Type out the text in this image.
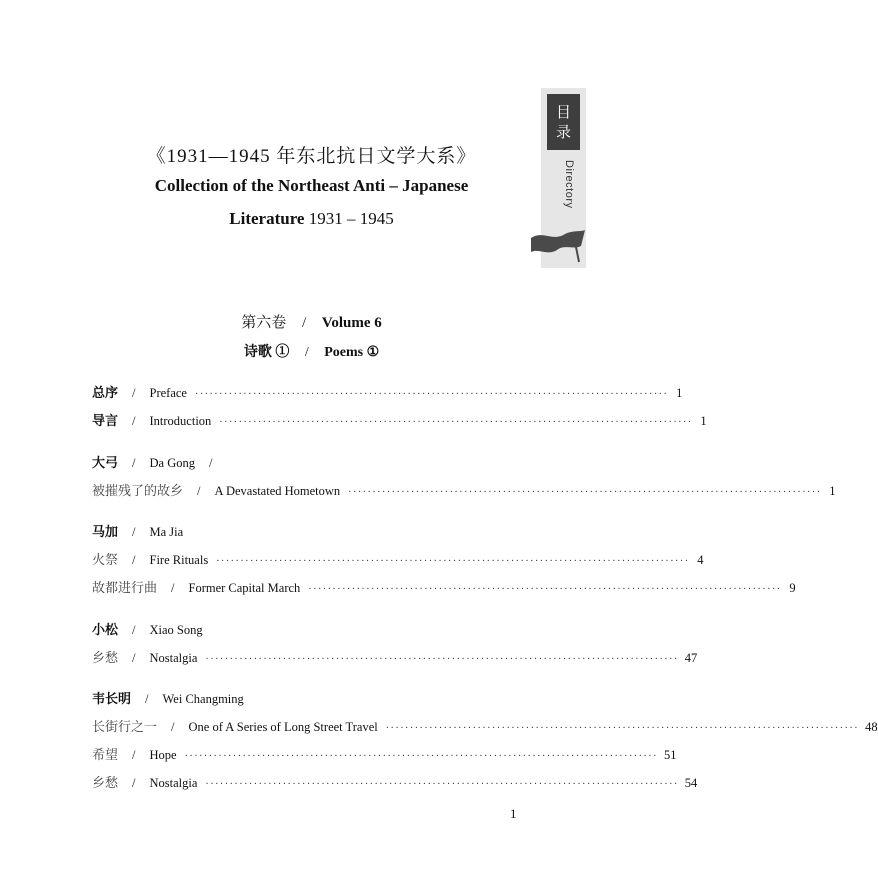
目
录
Directory
《1931—1945 年东北抗日文学大系》
Collection of the Northeast Anti – Japanese
Literature 1931 – 1945
第六卷 / Volume 6
诗歌 ① / Poems ①
总序 / Preface ·································································································· 1
导言 / Introduction ·································································································· 1
大弓 / Da Gong /
被摧残了的故乡 / A Devastated Hometown ·································································································· 1
马加 / Ma Jia
火祭 / Fire Rituals ·································································································· 4
故都进行曲 / Former Capital March ·································································································· 9
小松 / Xiao Song
乡愁 / Nostalgia ·································································································· 47
韦长明 / Wei Changming
长街行之一 / One of A Series of Long Street Travel ·································································································· 48
希望 / Hope ·································································································· 51
乡愁 / Nostalgia ·································································································· 54
1
